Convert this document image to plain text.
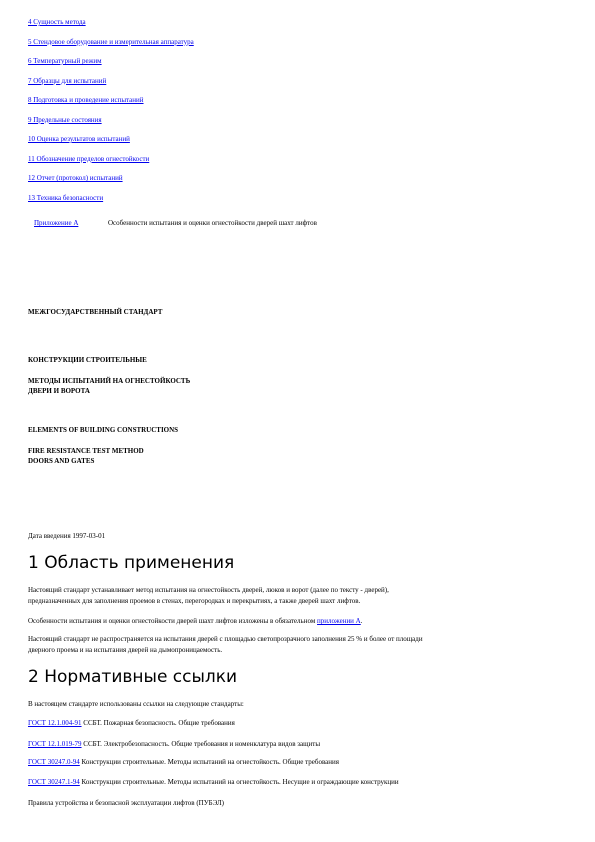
4 Сущность метода
5 Стендовое оборудование и измерительная аппаратура
6 Температурный режим
7 Образцы для испытаний
8 Подготовка и проведение испытаний
9 Предельные состояния
10 Оценка результатов испытаний
11 Обозначение пределов огнестойкости
12 Отчет (протокол) испытаний
13 Техника безопасности
Приложение А	Особенности испытания и оценки огнестойкости дверей шахт лифтов
МЕЖГОСУДАРСТВЕННЫЙ СТАНДАРТ
КОНСТРУКЦИИ СТРОИТЕЛЬНЫЕ
МЕТОДЫ ИСПЫТАНИЙ НА ОГНЕСТОЙКОСТЬ
ДВЕРИ И ВОРОТА
ELEMENTS OF BUILDING CONSTRUCTIONS
FIRE RESISTANCE TEST METHOD
DOORS AND GATES
Дата введения 1997-03-01
1 Область применения
Настоящий стандарт устанавливает метод испытания на огнестойкость дверей, люков и ворот (далее по тексту - дверей),
предназначенных для заполнения проемов в стенах, перегородках и перекрытиях, а также дверей шахт лифтов.
Особенности испытания и оценки огнестойкости дверей шахт лифтов изложены в обязательном приложении А.
Настоящий стандарт не распространяется на испытания дверей с площадью светопрозрачного заполнения 25 % и более от площади
дверного проема и на испытания дверей на дымопроницаемость.
2 Нормативные ссылки
В настоящем стандарте использованы ссылки на следующие стандарты:
ГОСТ 12.1.004-91 ССБТ. Пожарная безопасность. Общие требования
ГОСТ 12.1.019-79 ССБТ. Электробезопасность. Общие требования и номенклатура видов защиты
ГОСТ 30247.0-94 Конструкции строительные. Методы испытаний на огнестойкость. Общие требования
ГОСТ 30247.1-94 Конструкции строительные. Методы испытаний на огнестойкость. Несущие и ограждающие конструкции
Правила устройства и безопасной эксплуатации лифтов (ПУБЭЛ)
